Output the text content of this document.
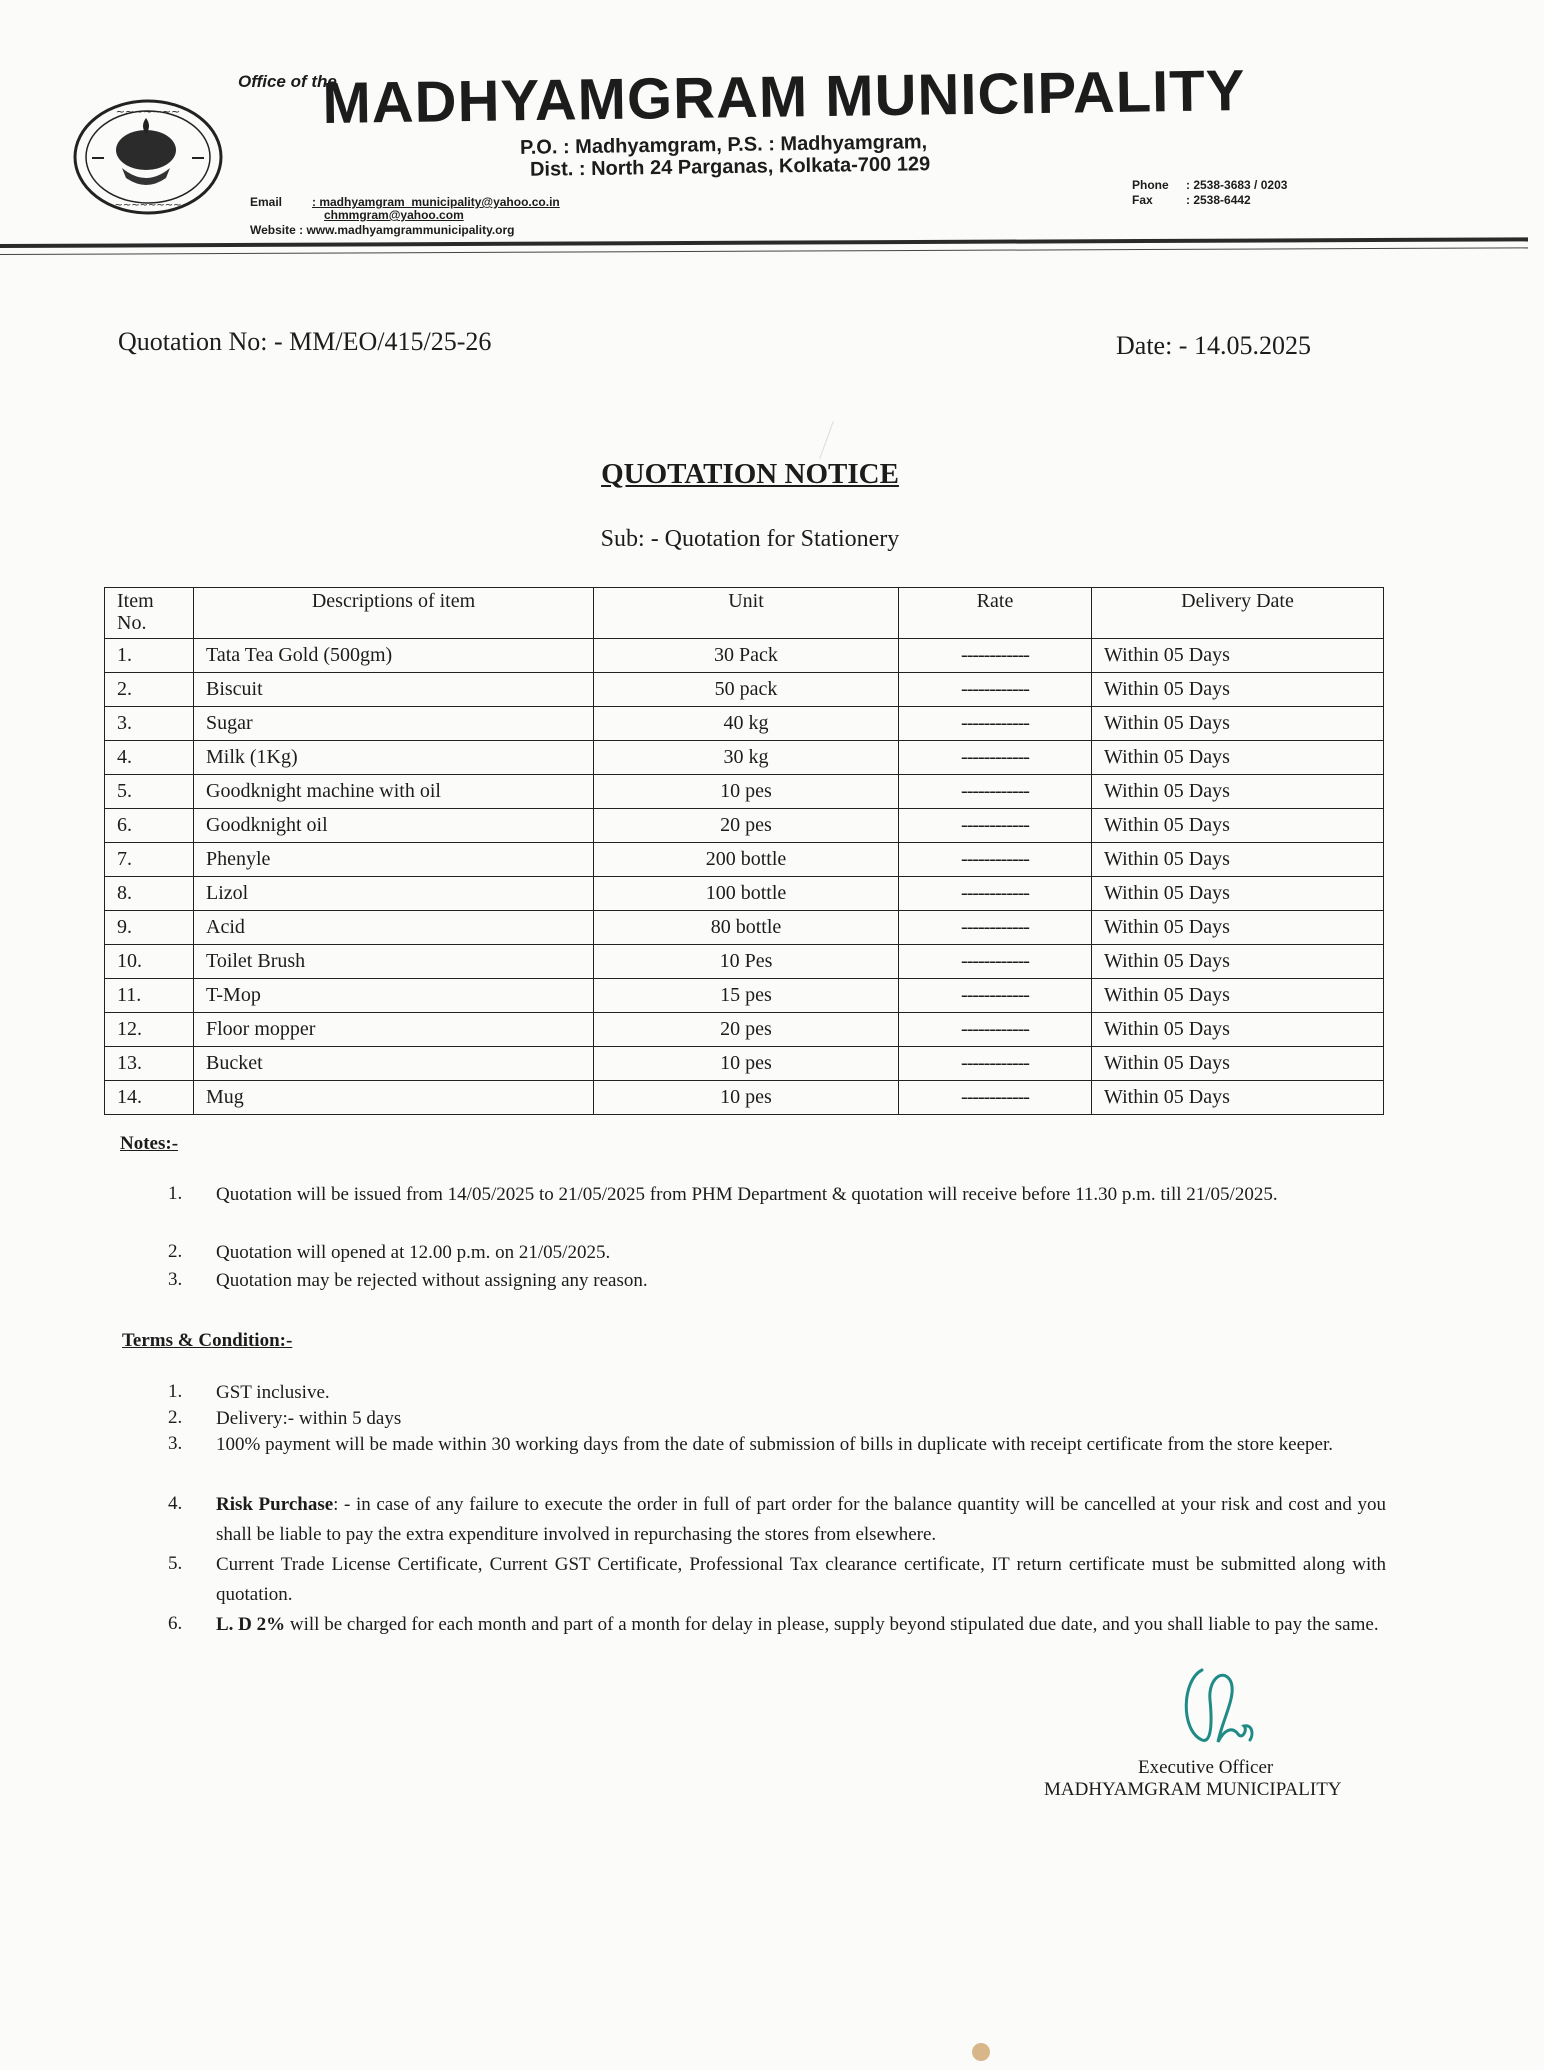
~~~~~~~
~~~~~~~~
Office of the
MADHYAMGRAM MUNICIPALITY
P.O. : Madhyamgram, P.S. : Madhyamgram,
Dist. : North 24 Parganas, Kolkata-700 129
Email : madhyamgram_municipality@yahoo.co.in
chmmgram@yahoo.com
Website : www.madhyamgrammunicipality.org
Phone : 2538-3683 / 0203
Fax	: 2538-6442
Quotation No: - MM/EO/415/25-26	Date: - 14.05.2025
QUOTATION NOTICE
Sub: - Quotation for Stationery
Item
No.	Descriptions of item	Unit	Rate	Delivery Date
1.	Tata Tea Gold (500gm)	30 Pack	------------	Within 05 Days
2.	Biscuit	50 pack	------------	Within 05 Days
3.	Sugar	40 kg	------------	Within 05 Days
4.	Milk (1Kg)	30 kg	------------	Within 05 Days
5.	Goodknight machine with oil	10 pes	------------	Within 05 Days
6.	Goodknight oil	20 pes	------------	Within 05 Days
7.	Phenyle	200 bottle	------------	Within 05 Days
8.	Lizol	100 bottle	------------	Within 05 Days
9.	Acid	80 bottle	------------	Within 05 Days
10.	Toilet Brush	10 Pes	------------	Within 05 Days
11.	T-Mop	15 pes	------------	Within 05 Days
12.	Floor mopper	20 pes	------------	Within 05 Days
13.	Bucket	10 pes	------------	Within 05 Days
14.	Mug	10 pes	------------	Within 05 Days
Notes:-
1.	Quotation will be issued from 14/05/2025 to 21/05/2025 from PHM Department & quotation will receive before 11.30 p.m. till 21/05/2025.
2.	Quotation will opened at 12.00 p.m. on 21/05/2025.
3.	Quotation may be rejected without assigning any reason.
Terms & Condition:-
1.	GST inclusive.
2.	Delivery:- within 5 days
3.	100% payment will be made within 30 working days from the date of submission of bills in duplicate with receipt certificate from the store keeper.
4.	Risk Purchase: - in case of any failure to execute the order in full of part order for the balance quantity will be cancelled at your risk and cost and you shall be liable to pay the extra expenditure involved in repurchasing the stores from elsewhere.
5.	Current Trade License Certificate, Current GST Certificate, Professional Tax clearance certificate, IT return certificate must be submitted along with quotation.
6.	L. D 2% will be charged for each month and part of a month for delay in please, supply beyond stipulated due date, and you shall liable to pay the same.
Executive Officer
MADHYAMGRAM MUNICIPALITY
